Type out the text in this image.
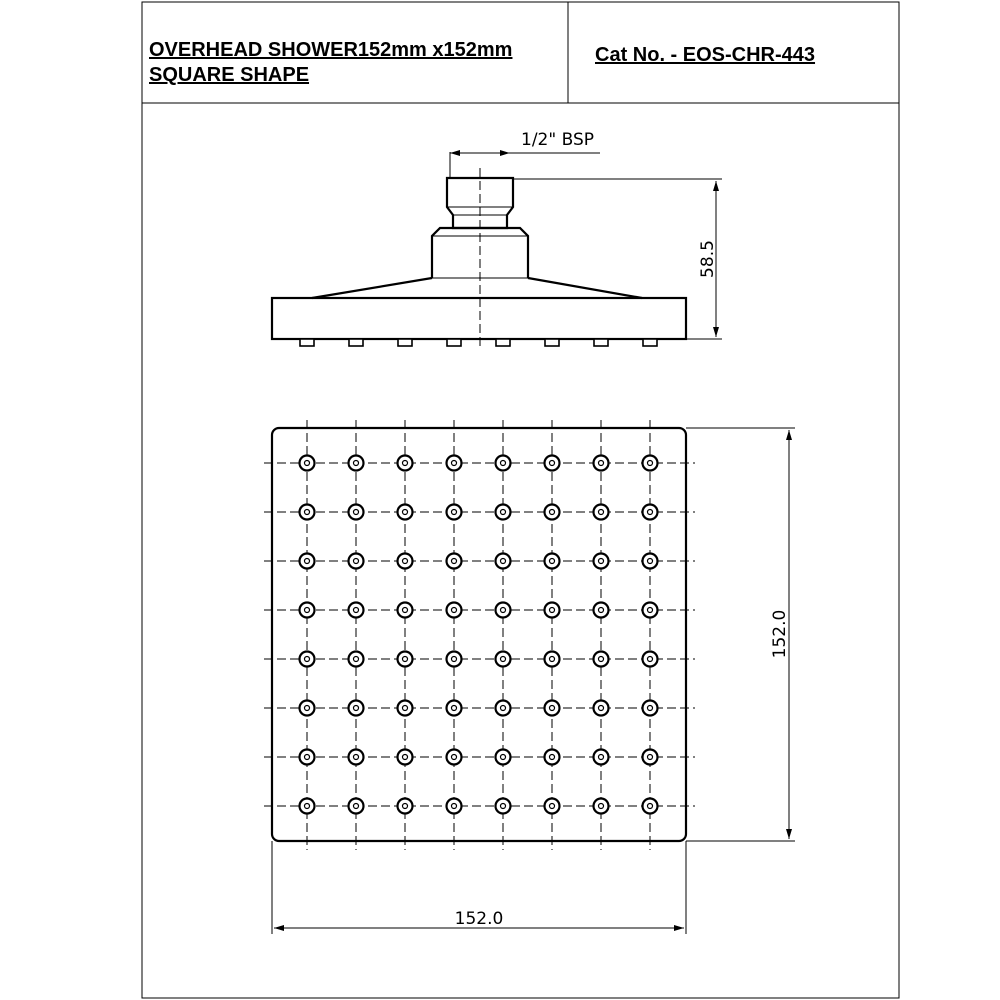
OVERHEAD SHOWER152mm x152mm
SQUARE SHAPE
Cat No. - EOS-CHR-443
1/2" BSP
58.5
152.0
152.0
